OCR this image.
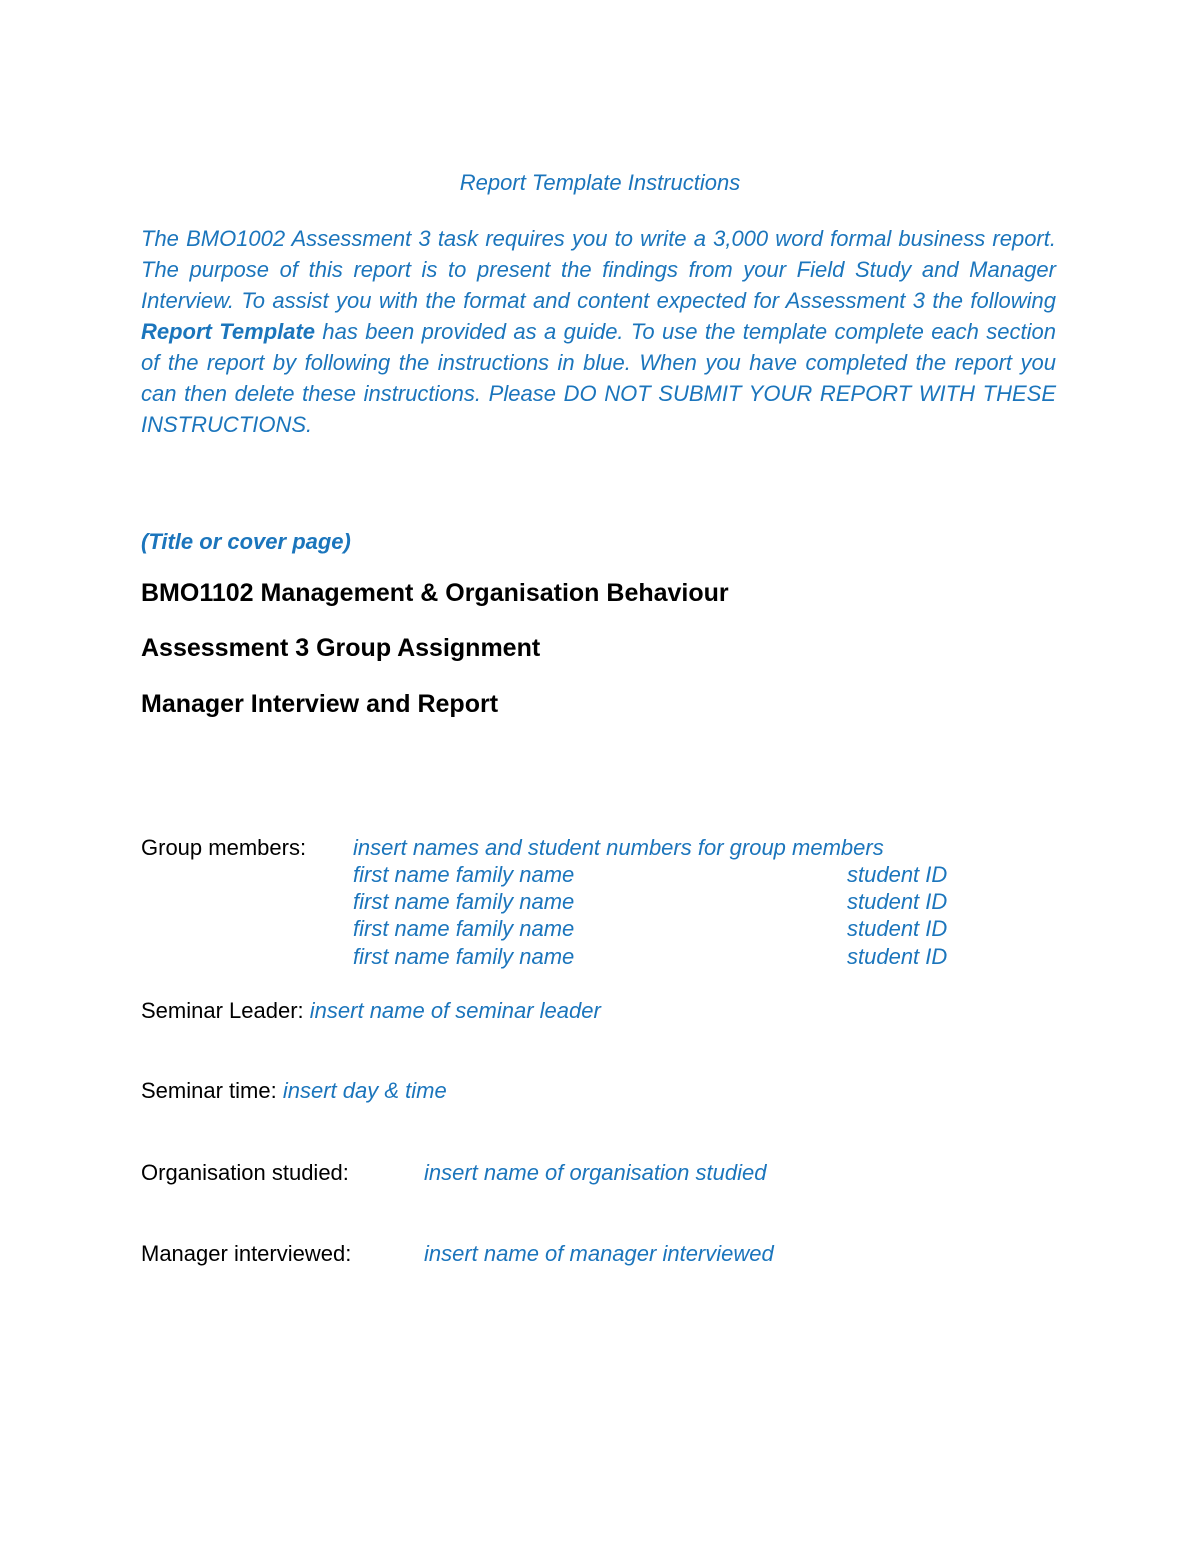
Report Template Instructions
The BMO1002 Assessment 3 task requires you to write a 3,000 word formal business report. The purpose of this report is to present the findings from your Field Study and Manager Interview. To assist you with the format and content expected for Assessment 3 the following Report Template has been provided as a guide. To use the template complete each section of the report by following the instructions in blue. When you have completed the report you can then delete these instructions. Please DO NOT SUBMIT YOUR REPORT WITH THESE INSTRUCTIONS.
(Title or cover page)
BMO1102 Management & Organisation Behaviour
Assessment 3 Group Assignment
Manager Interview and Report
Group members: insert names and student numbers for group members
first name family name	student ID
first name family name	student ID
first name family name	student ID
first name family name	student ID
Seminar Leader: insert name of seminar leader
Seminar time: insert day & time
Organisation studied:	insert name of organisation studied
Manager interviewed:	insert name of manager interviewed
